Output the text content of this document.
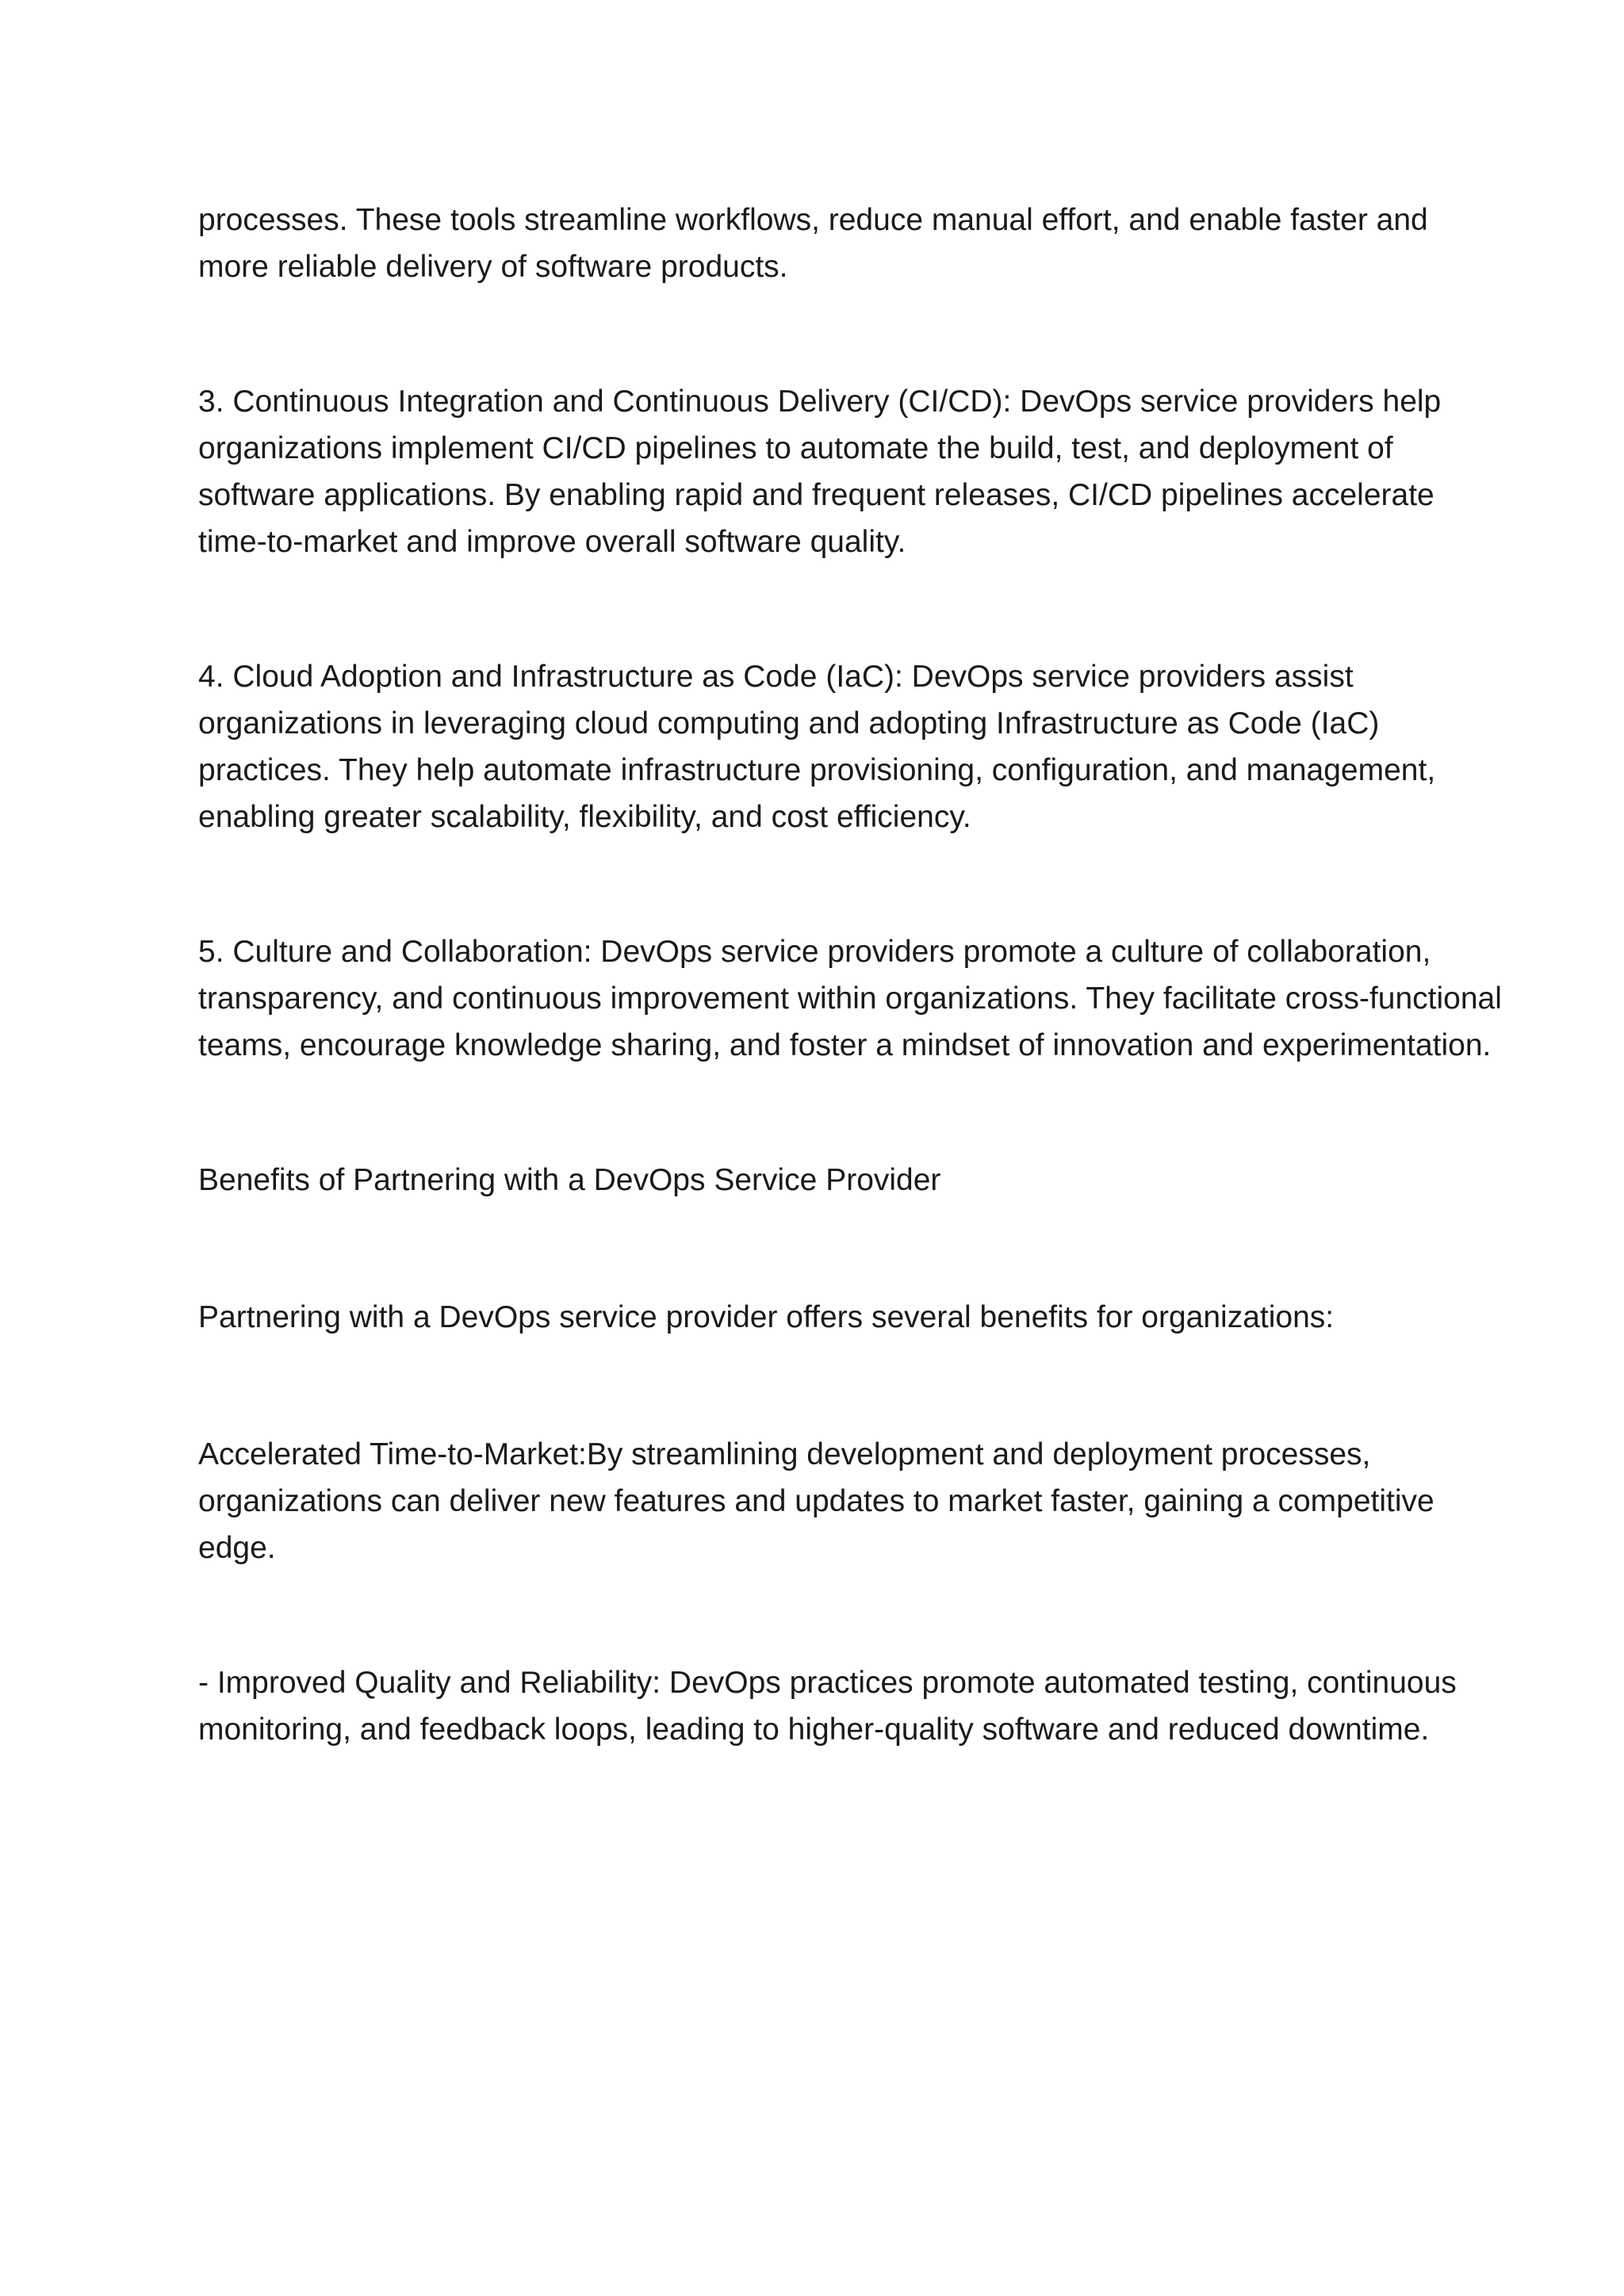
processes. These tools streamline workflows, reduce manual effort, and enable faster and more reliable delivery of software products.

3. Continuous Integration and Continuous Delivery (CI/CD): DevOps service providers help organizations implement CI/CD pipelines to automate the build, test, and deployment of software applications. By enabling rapid and frequent releases, CI/CD pipelines accelerate time-to-market and improve overall software quality.

4. Cloud Adoption and Infrastructure as Code (IaC): DevOps service providers assist organizations in leveraging cloud computing and adopting Infrastructure as Code (IaC) practices. They help automate infrastructure provisioning, configuration, and management, enabling greater scalability, flexibility, and cost efficiency.

5. Culture and Collaboration: DevOps service providers promote a culture of collaboration, transparency, and continuous improvement within organizations. They facilitate cross-functional teams, encourage knowledge sharing, and foster a mindset of innovation and experimentation.

Benefits of Partnering with a DevOps Service Provider

Partnering with a DevOps service provider offers several benefits for organizations:

Accelerated Time-to-Market:By streamlining development and deployment processes, organizations can deliver new features and updates to market faster, gaining a competitive edge.

- Improved Quality and Reliability: DevOps practices promote automated testing, continuous monitoring, and feedback loops, leading to higher-quality software and reduced downtime.
